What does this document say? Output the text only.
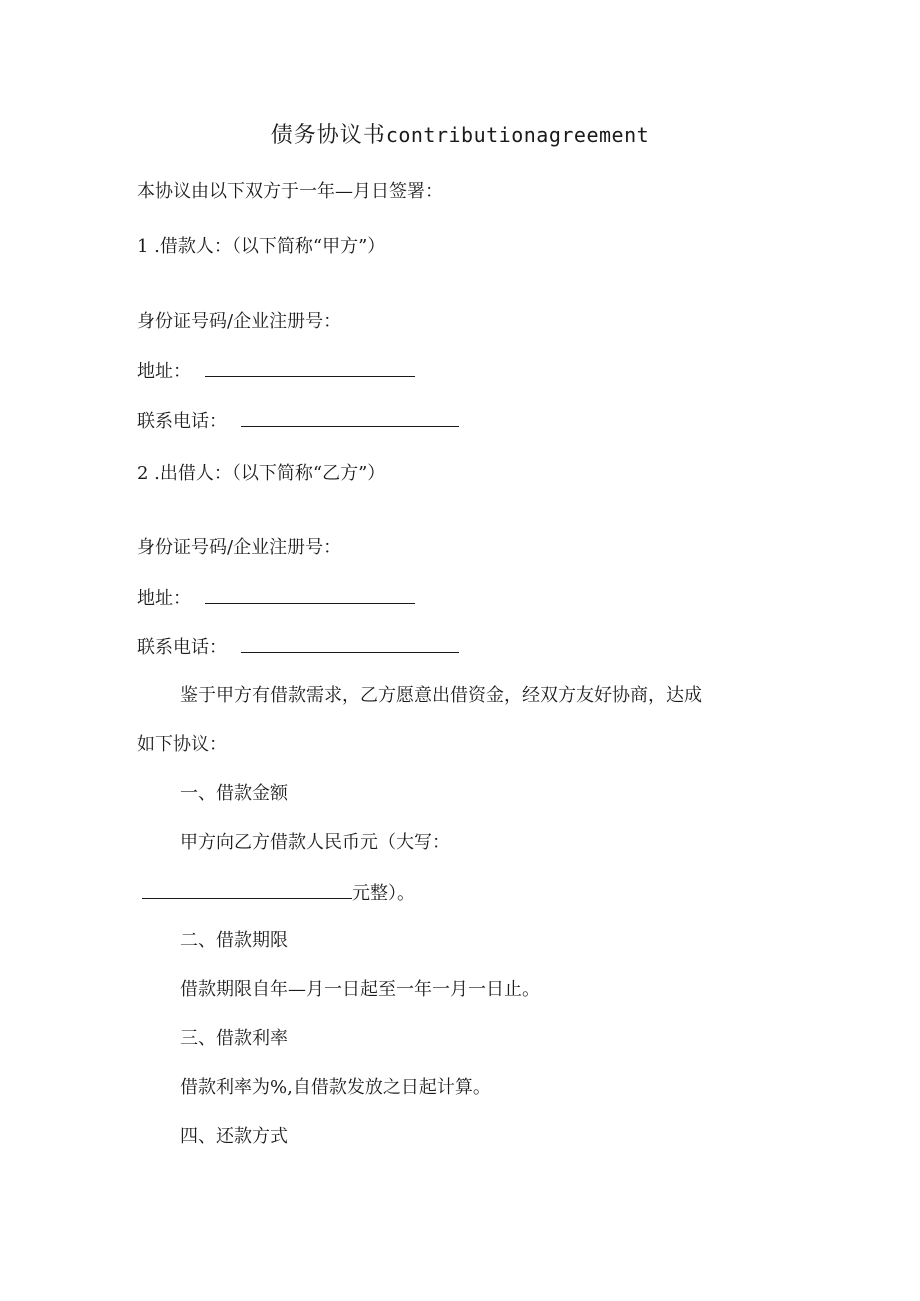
债务协议书contributionagreement
本协议由以下双方于一年—月日签署：
1 .借款人：（以下简称“甲方”）
身份证号码/企业注册号：
地址：
联系电话：
2 .出借人：（以下简称“乙方”）
身份证号码/企业注册号：
地址：
联系电话：
鉴于甲方有借款需求，乙方愿意出借资金，经双方友好协商，达成
如下协议：
一、借款金额
甲方向乙方借款人民币元（大写：
元整）。
二、借款期限
借款期限自年—月一日起至一年一月一日止。
三、借款利率
借款利率为%,自借款发放之日起计算。
四、还款方式
